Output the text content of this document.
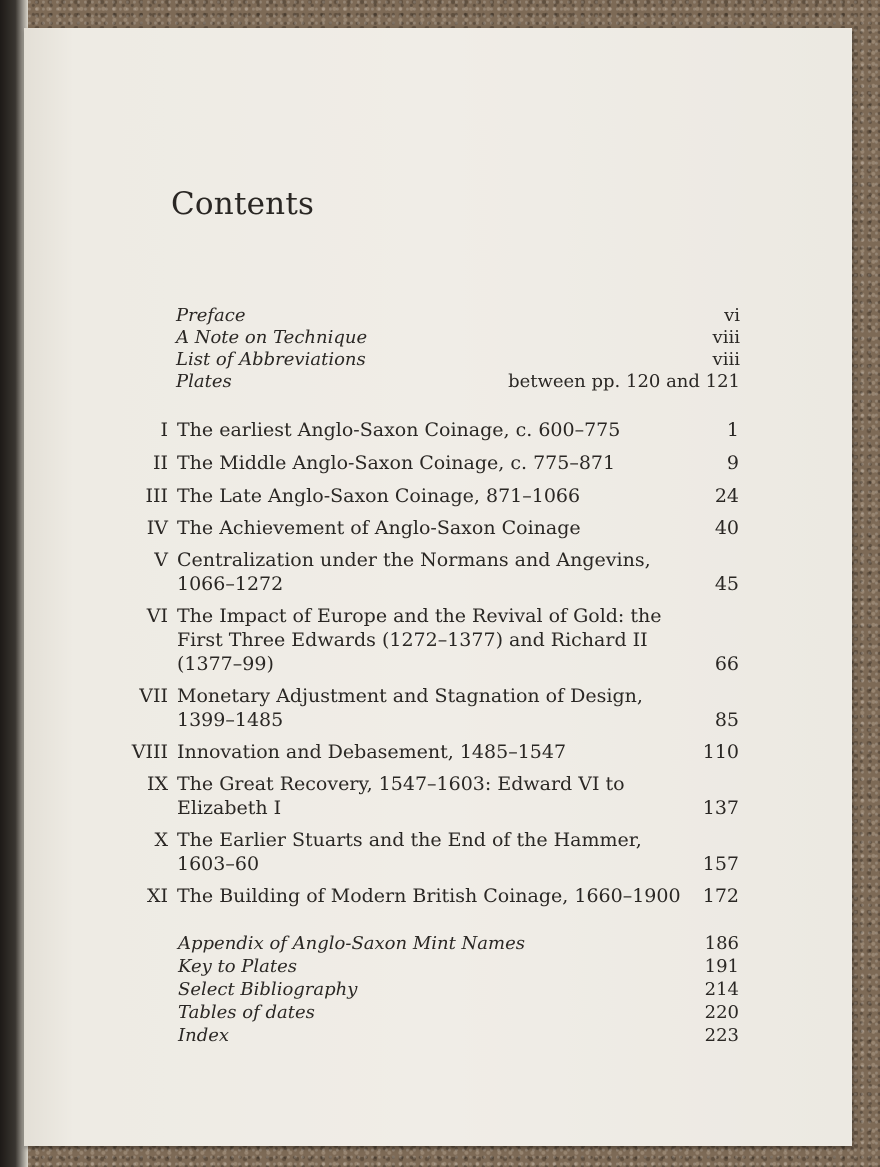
Contents
Preface	vi
A Note on Technique	viii
List of Abbreviations	viii
Plates	between pp. 120 and 121
I The earliest Anglo-Saxon Coinage, c. 600–775	1
II The Middle Anglo-Saxon Coinage, c. 775–871	9
III The Late Anglo-Saxon Coinage, 871–1066	24
IV The Achievement of Anglo-Saxon Coinage	40
V Centralization under the Normans and Angevins, 1066–1272	45
VI The Impact of Europe and the Revival of Gold: the First Three Edwards (1272–1377) and Richard II (1377–99)	66
VII Monetary Adjustment and Stagnation of Design, 1399–1485	85
VIII Innovation and Debasement, 1485–1547	110
IX The Great Recovery, 1547–1603: Edward VI to Elizabeth I	137
X The Earlier Stuarts and the End of the Hammer, 1603–60	157
XI The Building of Modern British Coinage, 1660–1900	172
Appendix of Anglo-Saxon Mint Names	186
Key to Plates	191
Select Bibliography	214
Tables of dates	220
Index	223
